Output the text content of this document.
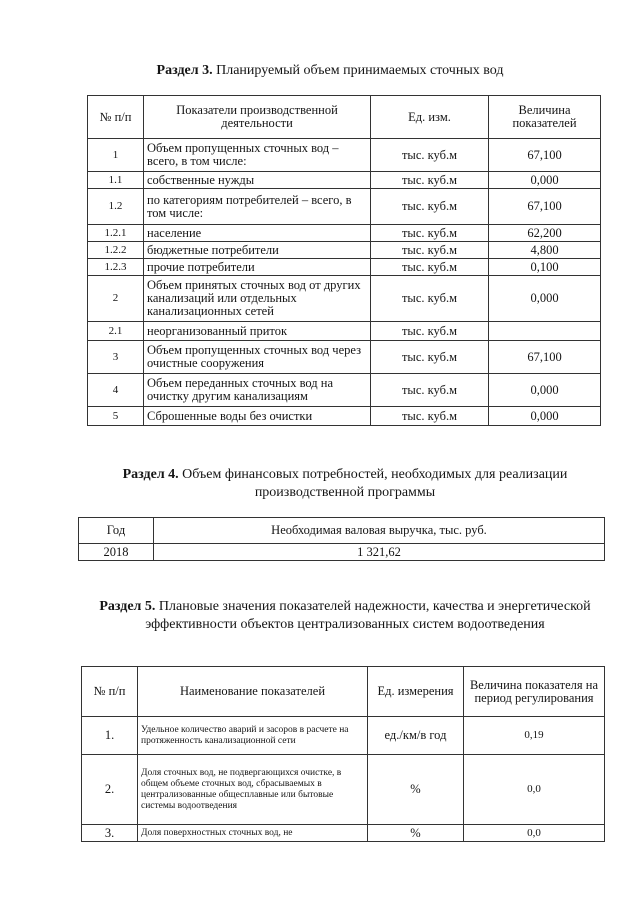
Раздел 3. Планируемый объем принимаемых сточных вод
№ п/п	Показатели производственной деятельности	Ед. изм.	Величина показателей
1	Объем пропущенных сточных вод – всего, в том числе:	тыс. куб.м	67,100
1.1	собственные нужды	тыс. куб.м	0,000
1.2	по категориям потребителей – всего, в том числе:	тыс. куб.м	67,100
1.2.1	население	тыс. куб.м	62,200
1.2.2	бюджетные потребители	тыс. куб.м	4,800
1.2.3	прочие потребители	тыс. куб.м	0,100
2	Объем принятых сточных вод от других канализаций или отдельных канализационных сетей	тыс. куб.м	0,000
2.1	неорганизованный приток	тыс. куб.м	
3	Объем пропущенных сточных вод через очистные сооружения	тыс. куб.м	67,100
4	Объем переданных сточных вод на очистку другим канализациям	тыс. куб.м	0,000
5	Сброшенные воды без очистки	тыс. куб.м	0,000
Раздел 4. Объем финансовых потребностей, необходимых для реализации производственной программы
Год	Необходимая валовая выручка, тыс. руб.
2018	1 321,62
Раздел 5. Плановые значения показателей надежности, качества и энергетической эффективности объектов централизованных систем водоотведения
№ п/п	Наименование показателей	Ед. измерения	Величина показателя на период регулирования
1.	Удельное количество аварий и засоров в расчете на протяженность канализационной сети	ед./км/в год	0,19
2.	Доля сточных вод, не подвергающихся очистке, в общем объеме сточных вод, сбрасываемых в централизованные общесплавные или бытовые системы водоотведения	%	0,0
3.	Доля поверхностных сточных вод, не	%	0,0
